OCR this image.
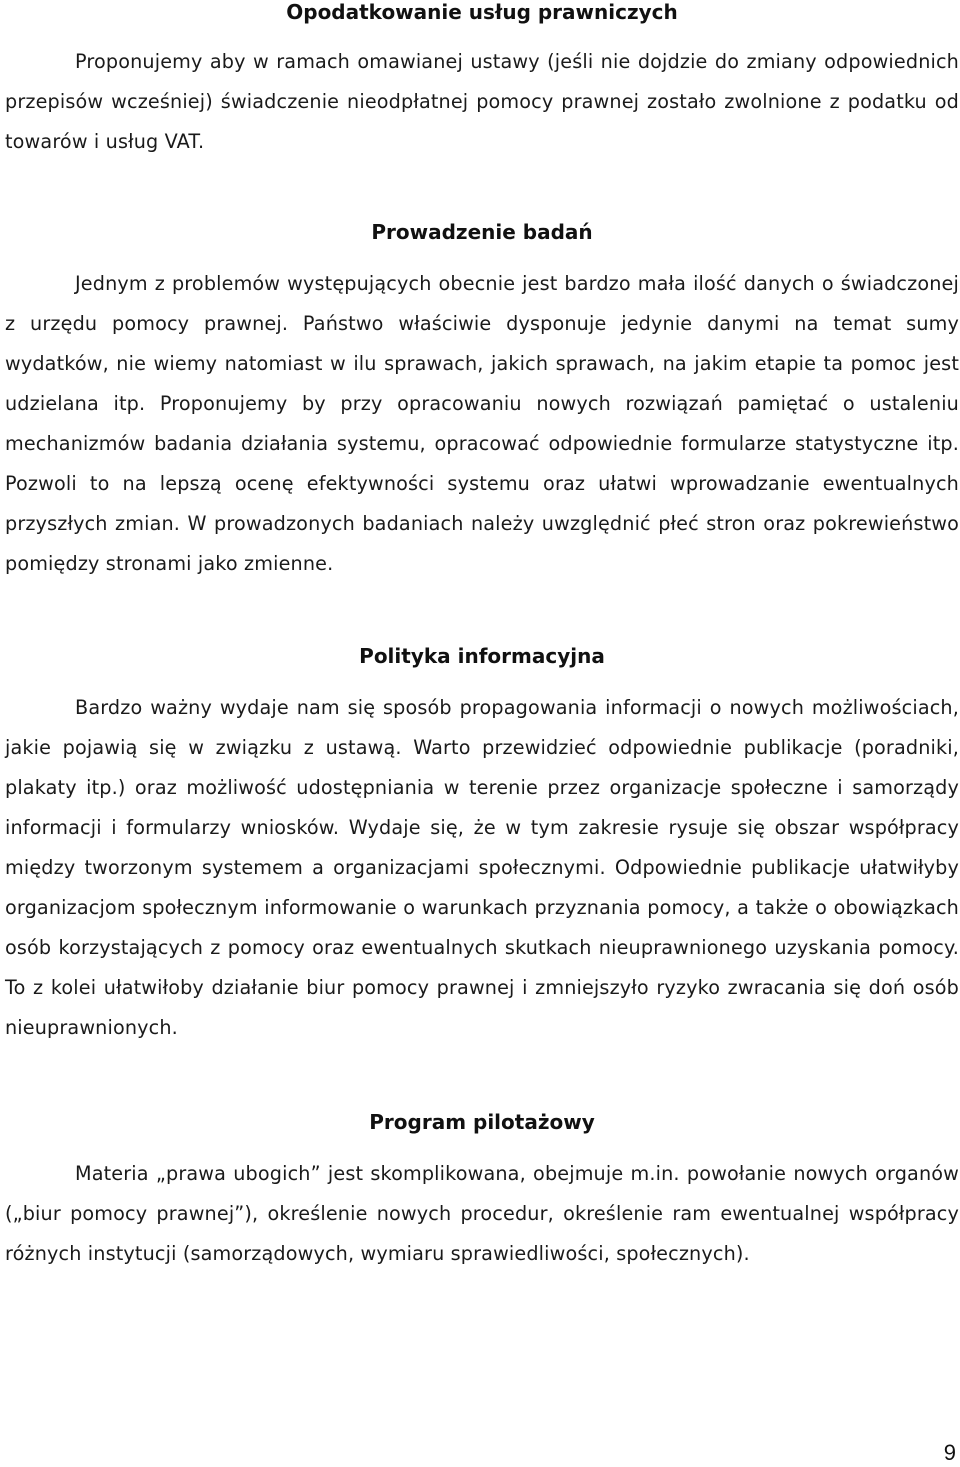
Opodatkowanie usług prawniczych

Proponujemy aby w ramach omawianej ustawy (jeśli nie dojdzie do zmiany odpowiednich przepisów wcześniej) świadczenie nieodpłatnej pomocy prawnej zostało zwolnione z podatku od towarów i usług VAT.

Prowadzenie badań

Jednym z problemów występujących obecnie jest bardzo mała ilość danych o świadczonej z urzędu pomocy prawnej. Państwo właściwie dysponuje jedynie danymi na temat sumy wydatków, nie wiemy natomiast w ilu sprawach, jakich sprawach, na jakim etapie ta pomoc jest udzielana itp. Proponujemy by przy opracowaniu nowych rozwiązań pamiętać o ustaleniu mechanizmów badania działania systemu, opracować odpowiednie formularze statystyczne itp. Pozwoli to na lepszą ocenę efektywności systemu oraz ułatwi wprowadzanie ewentualnych przyszłych zmian. W prowadzonych badaniach należy uwzględnić płeć stron oraz pokrewieństwo pomiędzy stronami jako zmienne.

Polityka informacyjna

Bardzo ważny wydaje nam się sposób propagowania informacji o nowych możliwościach, jakie pojawią się w związku z ustawą. Warto przewidzieć odpowiednie publikacje (poradniki, plakaty itp.) oraz możliwość udostępniania w terenie przez organizacje społeczne i samorządy informacji i formularzy wniosków. Wydaje się, że w tym zakresie rysuje się obszar współpracy między tworzonym systemem a organizacjami społecznymi. Odpowiednie publikacje ułatwiłyby organizacjom społecznym informowanie o warunkach przyznania pomocy, a także o obowiązkach osób korzystających z pomocy oraz ewentualnych skutkach nieuprawnionego uzyskania pomocy. To z kolei ułatwiłoby działanie biur pomocy prawnej i zmniejszyło ryzyko zwracania się doń osób nieuprawnionych.

Program pilotażowy

Materia „prawa ubogich” jest skomplikowana, obejmuje m.in. powołanie nowych organów („biur pomocy prawnej”), określenie nowych procedur, określenie ram ewentualnej współpracy różnych instytucji (samorządowych, wymiaru sprawiedliwości, społecznych).

9
